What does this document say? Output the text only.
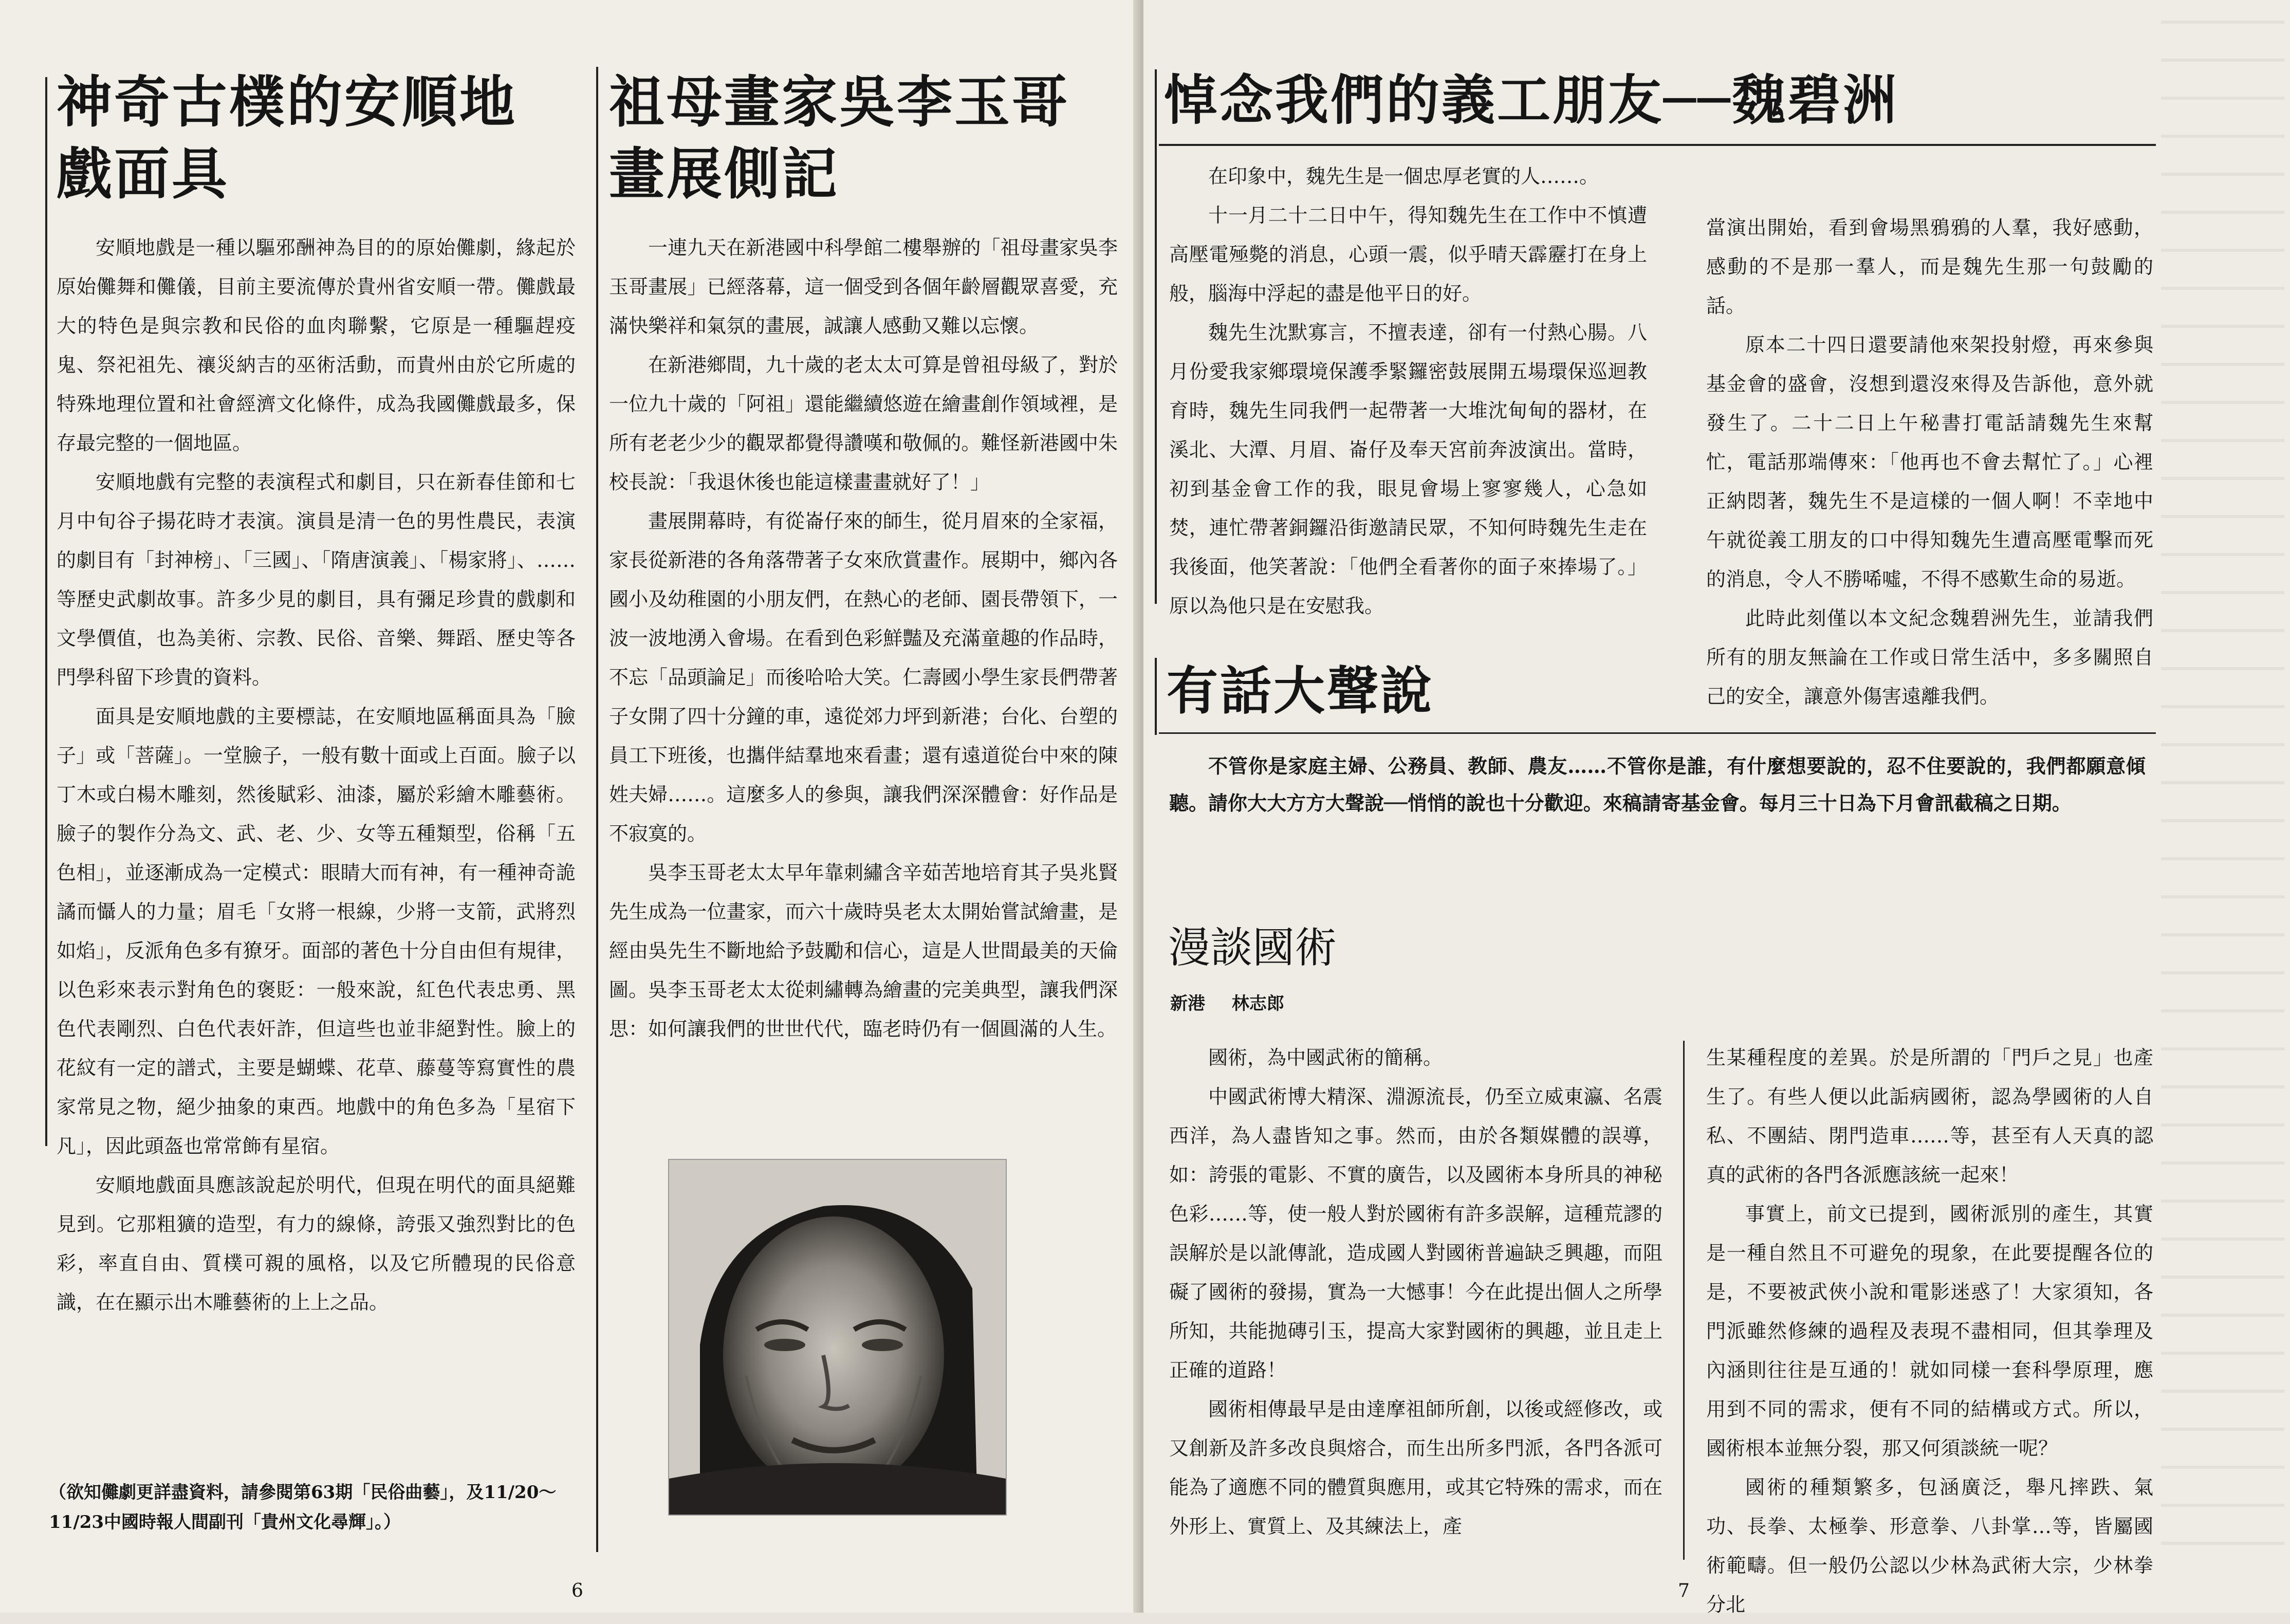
神奇古樸的安順地戲面具

安順地戲是一種以驅邪酬神為目的的原始儺劇，緣起於原始儺舞和儺儀，目前主要流傳於貴州省安順一帶。儺戲最大的特色是與宗教和民俗的血肉聯繫，它原是一種驅趕疫鬼、祭祀祖先、禳災納吉的巫術活動，而貴州由於它所處的特殊地理位置和社會經濟文化條件，成為我國儺戲最多，保存最完整的一個地區。

安順地戲有完整的表演程式和劇目，只在新春佳節和七月中旬谷子揚花時才表演。演員是清一色的男性農民，表演的劇目有「封神榜」、「三國」、「隋唐演義」、「楊家將」、……等歷史武劇故事。許多少見的劇目，具有彌足珍貴的戲劇和文學價值，也為美術、宗教、民俗、音樂、舞蹈、歷史等各門學科留下珍貴的資料。

面具是安順地戲的主要標誌，在安順地區稱面具為「臉子」或「菩薩」。一堂臉子，一般有數十面或上百面。臉子以丁木或白楊木雕刻，然後賦彩、油漆，屬於彩繪木雕藝術。臉子的製作分為文、武、老、少、女等五種類型，俗稱「五色相」，並逐漸成為一定模式：眼睛大而有神，有一種神奇詭譎而懾人的力量；眉毛「女將一根線，少將一支箭，武將烈如焰」，反派角色多有獠牙。面部的著色十分自由但有規律，以色彩來表示對角色的褒貶：一般來說，紅色代表忠勇、黑色代表剛烈、白色代表奸詐，但這些也並非絕對性。臉上的花紋有一定的譜式，主要是蝴蝶、花草、藤蔓等寫實性的農家常見之物，絕少抽象的東西。地戲中的角色多為「星宿下凡」，因此頭盔也常常飾有星宿。

安順地戲面具應該說起於明代，但現在明代的面具絕難見到。它那粗獷的造型，有力的線條，誇張又強烈對比的色彩，率直自由、質樸可親的風格，以及它所體現的民俗意識，在在顯示出木雕藝術的上上之品。

（欲知儺劇更詳盡資料，請參閱第63期「民俗曲藝」，及11/20～11/23中國時報人間副刊「貴州文化尋輝」。）

祖母畫家吳李玉哥畫展側記

一連九天在新港國中科學館二樓舉辦的「祖母畫家吳李玉哥畫展」已經落幕，這一個受到各個年齡層觀眾喜愛，充滿快樂祥和氣氛的畫展，誠讓人感動又難以忘懷。

在新港鄉間，九十歲的老太太可算是曾祖母級了，對於一位九十歲的「阿祖」還能繼續悠遊在繪畫創作領域裡，是所有老老少少的觀眾都覺得讚嘆和敬佩的。難怪新港國中朱校長說：「我退休後也能這樣畫畫就好了！」

畫展開幕時，有從崙仔來的師生，從月眉來的全家福，家長從新港的各角落帶著子女來欣賞畫作。展期中，鄉內各國小及幼稚園的小朋友們，在熱心的老師、園長帶領下，一波一波地湧入會場。在看到色彩鮮豔及充滿童趣的作品時，不忘「品頭論足」而後哈哈大笑。仁壽國小學生家長們帶著子女開了四十分鐘的車，遠從郊力坪到新港；台化、台塑的員工下班後，也攜伴結羣地來看畫；還有遠道從台中來的陳姓夫婦……。這麼多人的參與，讓我們深深體會：好作品是不寂寞的。

吳李玉哥老太太早年靠刺繡含辛茹苦地培育其子吳兆賢先生成為一位畫家，而六十歲時吳老太太開始嘗試繪畫，是經由吳先生不斷地給予鼓勵和信心，這是人世間最美的天倫圖。吳李玉哥老太太從刺繡轉為繪畫的完美典型，讓我們深思：如何讓我們的世世代代，臨老時仍有一個圓滿的人生。

6
悼念我們的義工朋友──魏碧洲

在印象中，魏先生是一個忠厚老實的人……。

十一月二十二日中午，得知魏先生在工作中不慎遭高壓電殛斃的消息，心頭一震，似乎晴天霹靂打在身上般，腦海中浮起的盡是他平日的好。

魏先生沈默寡言，不擅表達，卻有一付熱心腸。八月份愛我家鄉環境保護季緊鑼密鼓展開五場環保巡迴教育時，魏先生同我們一起帶著一大堆沈甸甸的器材，在溪北、大潭、月眉、崙仔及奉天宮前奔波演出。當時，初到基金會工作的我，眼見會場上寥寥幾人，心急如焚，連忙帶著銅鑼沿街邀請民眾，不知何時魏先生走在我後面，他笑著說：「他們全看著你的面子來捧場了。」原以為他只是在安慰我。

當演出開始，看到會場黑鴉鴉的人羣，我好感動，感動的不是那一羣人，而是魏先生那一句鼓勵的話。

原本二十四日還要請他來架投射燈，再來參與基金會的盛會，沒想到還沒來得及告訴他，意外就發生了。二十二日上午秘書打電話請魏先生來幫忙，電話那端傳來：「他再也不會去幫忙了。」心裡正納悶著，魏先生不是這樣的一個人啊！不幸地中午就從義工朋友的口中得知魏先生遭高壓電擊而死的消息，令人不勝唏噓，不得不感歎生命的易逝。

此時此刻僅以本文紀念魏碧洲先生，並請我們所有的朋友無論在工作或日常生活中，多多關照自己的安全，讓意外傷害遠離我們。

有話大聲說

不管你是家庭主婦、公務員、教師、農友……不管你是誰，有什麼想要說的，忍不住要說的，我們都願意傾聽。請你大大方方大聲說──悄悄的說也十分歡迎。來稿請寄基金會。每月三十日為下月會訊截稿之日期。

漫談國術
新港 林志郎

國術，為中國武術的簡稱。

中國武術博大精深、淵源流長，仍至立威東瀛、名震西洋，為人盡皆知之事。然而，由於各類媒體的誤導，如：誇張的電影、不實的廣告，以及國術本身所具的神秘色彩……等，使一般人對於國術有許多誤解，這種荒謬的誤解於是以訛傳訛，造成國人對國術普遍缺乏興趣，而阻礙了國術的發揚，實為一大憾事！今在此提出個人之所學所知，共能拋磚引玉，提高大家對國術的興趣，並且走上正確的道路！

國術相傳最早是由達摩祖師所創，以後或經修改，或又創新及許多改良與熔合，而生出所多門派，各門各派可能為了適應不同的體質與應用，或其它特殊的需求，而在外形上、實質上、及其練法上，產

生某種程度的差異。於是所謂的「門戶之見」也產生了。有些人便以此詬病國術，認為學國術的人自私、不團結、閉門造車……等，甚至有人天真的認真的武術的各門各派應該統一起來！

事實上，前文已提到，國術派別的產生，其實是一種自然且不可避免的現象，在此要提醒各位的是，不要被武俠小說和電影迷惑了！大家須知，各門派雖然修練的過程及表現不盡相同，但其拳理及內涵則往往是互通的！就如同樣一套科學原理，應用到不同的需求，便有不同的結構或方式。所以，國術根本並無分裂，那又何須談統一呢？

國術的種類繁多，包涵廣泛，舉凡摔跌、氣功、長拳、太極拳、形意拳、八卦掌…等，皆屬國術範疇。但一般仍公認以少林為武術大宗，少林拳分北

7
